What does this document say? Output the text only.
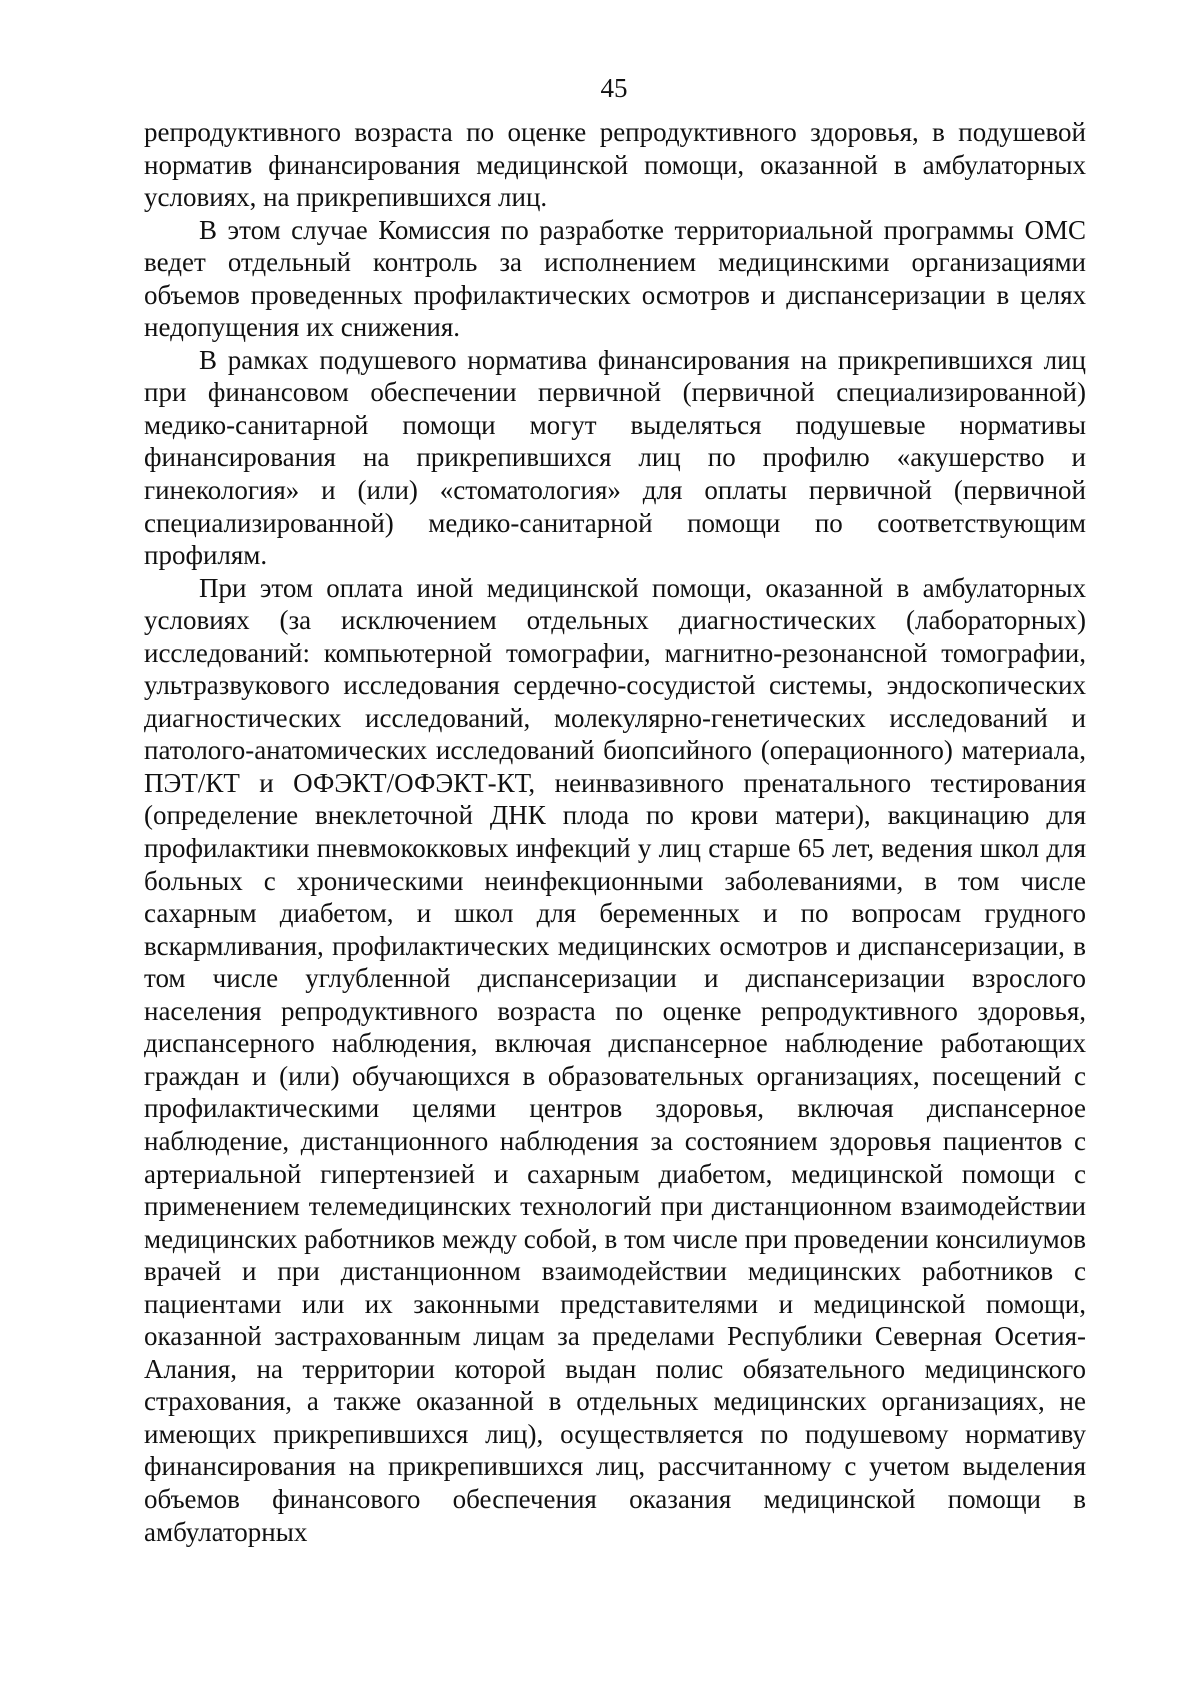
45

репродуктивного возраста по оценке репродуктивного здоровья, в подушевой норматив финансирования медицинской помощи, оказанной в амбулаторных условиях, на прикрепившихся лиц.

В этом случае Комиссия по разработке территориальной программы ОМС ведет отдельный контроль за исполнением медицинскими организациями объемов проведенных профилактических осмотров и диспансеризации в целях недопущения их снижения.

В рамках подушевого норматива финансирования на прикрепившихся лиц при финансовом обеспечении первичной (первичной специализированной) медико-санитарной помощи могут выделяться подушевые нормативы финансирования на прикрепившихся лиц по профилю «акушерство и гинекология» и (или) «стоматология» для оплаты первичной (первичной специализированной) медико-санитарной помощи по соответствующим профилям.

При этом оплата иной медицинской помощи, оказанной в амбулаторных условиях (за исключением отдельных диагностических (лабораторных) исследований: компьютерной томографии, магнитно-резонансной томографии, ультразвукового исследования сердечно-сосудистой системы, эндоскопических диагностических исследований, молекулярно-генетических исследований и патолого-анатомических исследований биопсийного (операционного) материала, ПЭТ/КТ и ОФЭКТ/ОФЭКТ-КТ, неинвазивного пренатального тестирования (определение внеклеточной ДНК плода по крови матери), вакцинацию для профилактики пневмококковых инфекций у лиц старше 65 лет, ведения школ для больных с хроническими неинфекционными заболеваниями, в том числе сахарным диабетом, и школ для беременных и по вопросам грудного вскармливания, профилактических медицинских осмотров и диспансеризации, в том числе углубленной диспансеризации и диспансеризации взрослого населения репродуктивного возраста по оценке репродуктивного здоровья, диспансерного наблюдения, включая диспансерное наблюдение работающих граждан и (или) обучающихся в образовательных организациях, посещений с профилактическими целями центров здоровья, включая диспансерное наблюдение, дистанционного наблюдения за состоянием здоровья пациентов с артериальной гипертензией и сахарным диабетом, медицинской помощи с применением телемедицинских технологий при дистанционном взаимодействии медицинских работников между собой, в том числе при проведении консилиумов врачей и при дистанционном взаимодействии медицинских работников с пациентами или их законными представителями и медицинской помощи, оказанной застрахованным лицам за пределами Республики Северная Осетия-Алания, на территории которой выдан полис обязательного медицинского страхования, а также оказанной в отдельных медицинских организациях, не имеющих прикрепившихся лиц), осуществляется по подушевому нормативу финансирования на прикрепившихся лиц, рассчитанному с учетом выделения объемов финансового обеспечения оказания медицинской помощи в амбулаторных
